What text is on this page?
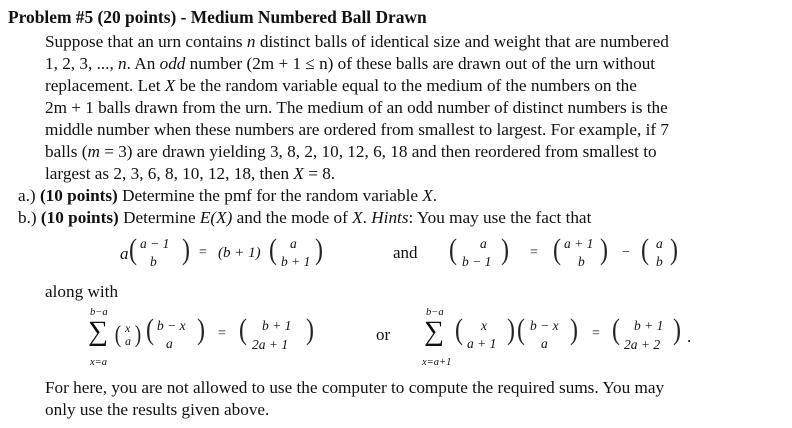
Problem #5 (20 points) - Medium Numbered Ball Drawn
Suppose that an urn contains n distinct balls of identical size and weight that are numbered
1, 2, 3, ..., n. An odd number (2m + 1 ≤ n) of these balls are drawn out of the urn without
replacement. Let X be the random variable equal to the medium of the numbers on the
2m + 1 balls drawn from the urn. The medium of an odd number of distinct numbers is the
middle number when these numbers are ordered from smallest to largest. For example, if 7
balls (m = 3) are drawn yielding 3, 8, 2, 10, 12, 6, 18 and then reordered from smallest to
largest as 2, 3, 6, 8, 10, 12, 18, then X = 8.
a.) (10 points) Determine the pmf for the random variable X.
b.) (10 points) Determine E(X) and the mode of X. Hints: You may use the fact that
a ( a − 1
b ) = (b + 1) ( a
b + 1 )	and ( a
b − 1 ) = ( a + 1
b ) − ( a
b )
along with
b−a
∑
x=a
( x
a ) ( b − x
a ) = ( b + 1
2a + 1 )	or
b−a
∑
x=a+1
( x
a + 1 ) ( b − x
a ) = ( b + 1
2a + 2 ) .
For here, you are not allowed to use the computer to compute the required sums. You may
only use the results given above.
